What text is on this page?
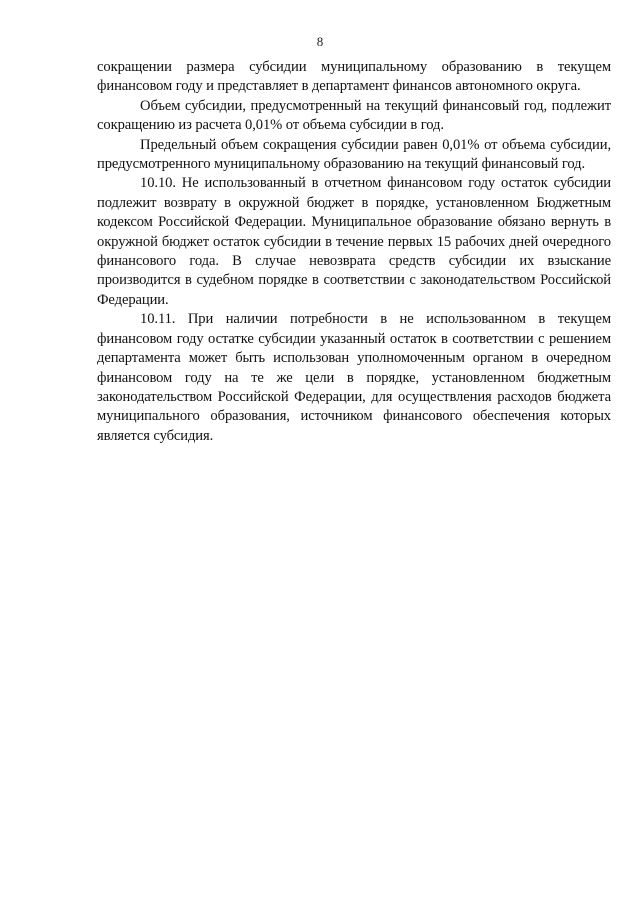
8

сокращении размера субсидии муниципальному образованию в текущем финансовом году и представляет в департамент финансов автономного округа.

Объем субсидии, предусмотренный на текущий финансовый год, подлежит сокращению из расчета 0,01% от объема субсидии в год.

Предельный объем сокращения субсидии равен 0,01% от объема субсидии, предусмотренного муниципальному образованию на текущий финансовый год.

10.10. Не использованный в отчетном финансовом году остаток субсидии подлежит возврату в окружной бюджет в порядке, установленном Бюджетным кодексом Российской Федерации. Муниципальное образование обязано вернуть в окружной бюджет остаток субсидии в течение первых 15 рабочих дней очередного финансового года. В случае невозврата средств субсидии их взыскание производится в судебном порядке в соответствии с законодательством Российской Федерации.

10.11. При наличии потребности в не использованном в текущем финансовом году остатке субсидии указанный остаток в соответствии с решением департамента может быть использован уполномоченным органом в очередном финансовом году на те же цели в порядке, установленном бюджетным законодательством Российской Федерации, для осуществления расходов бюджета муниципального образования, источником финансового обеспечения которых является субсидия.
